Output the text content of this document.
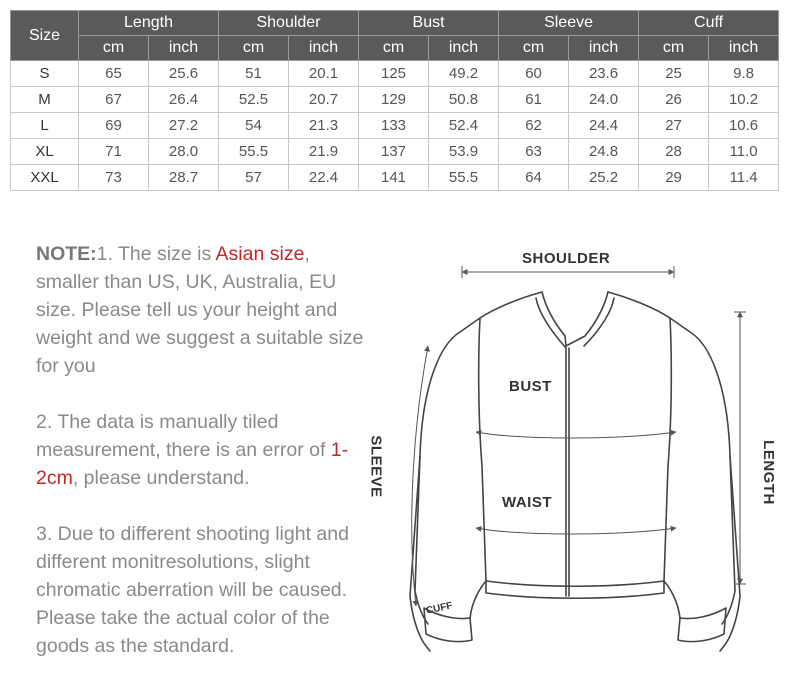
Size	Length		Shoulder		Bust		Sleeve		Cuff	
	cm	inch	cm	inch	cm	inch	cm	inch	cm	inch
S	65	25.6	51	20.1	125	49.2	60	23.6	25	9.8
M	67	26.4	52.5	20.7	129	50.8	61	24.0	26	10.2
L	69	27.2	54	21.3	133	52.4	62	24.4	27	10.6
XL	71	28.0	55.5	21.9	137	53.9	63	24.8	28	11.0
XXL	73	28.7	57	22.4	141	55.5	64	25.2	29	11.4

NOTE:1. The size is Asian size, smaller than US, UK, Australia, EU size. Please tell us your height and weight and we suggest a suitable size for you

2. The data is manually tiled measurement, there is an error of 1-2cm, please understand.

3. Due to different shooting light and different monitresolutions, slight chromatic aberration will be caused. Please take the actual color of the goods as the standard.

SHOULDER
BUST
WAIST
SLEEVE	LENGTH
CUFF
